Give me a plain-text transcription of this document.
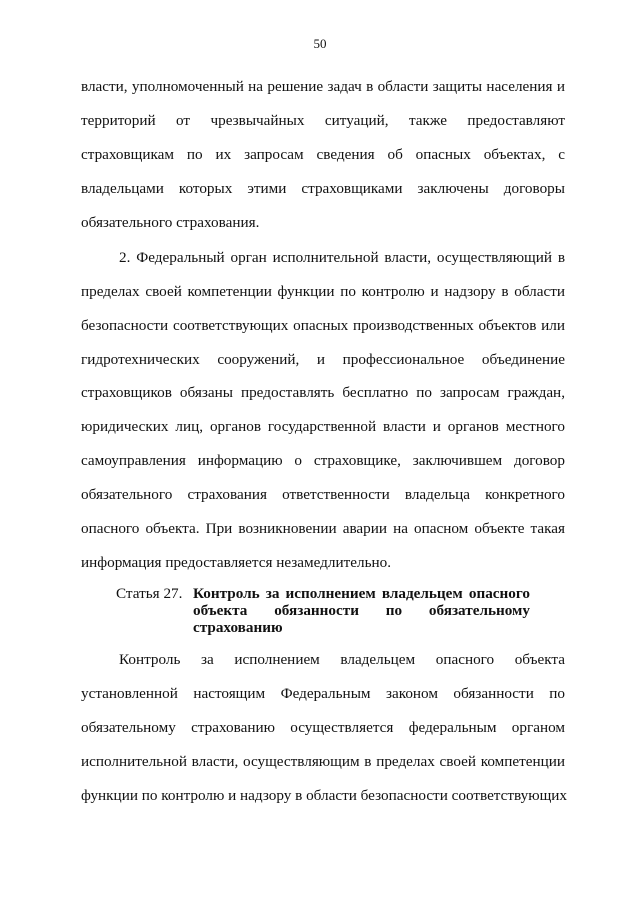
50
власти, уполномоченный на решение задач в области защиты населения и
территорий от чрезвычайных ситуаций, также предоставляют
страховщикам по их запросам сведения об опасных объектах, с
владельцами которых этими страховщиками заключены договоры
обязательного страхования.
2. Федеральный орган исполнительной власти, осуществляющий в
пределах своей компетенции функции по контролю и надзору в области
безопасности соответствующих опасных производственных объектов или
гидротехнических сооружений, и профессиональное объединение
страховщиков обязаны предоставлять бесплатно по запросам граждан,
юридических лиц, органов государственной власти и органов местного
самоуправления информацию о страховщике, заключившем договор
обязательного страхования ответственности владельца конкретного
опасного объекта. При возникновении аварии на опасном объекте такая
информация предоставляется незамедлительно.
Статья 27. Контроль за исполнением владельцем опасного
объекта обязанности по обязательному
страхованию
Контроль за исполнением владельцем опасного объекта
установленной настоящим Федеральным законом обязанности по
обязательному страхованию осуществляется федеральным органом
исполнительной власти, осуществляющим в пределах своей компетенции
функции по контролю и надзору в области безопасности соответствующих
